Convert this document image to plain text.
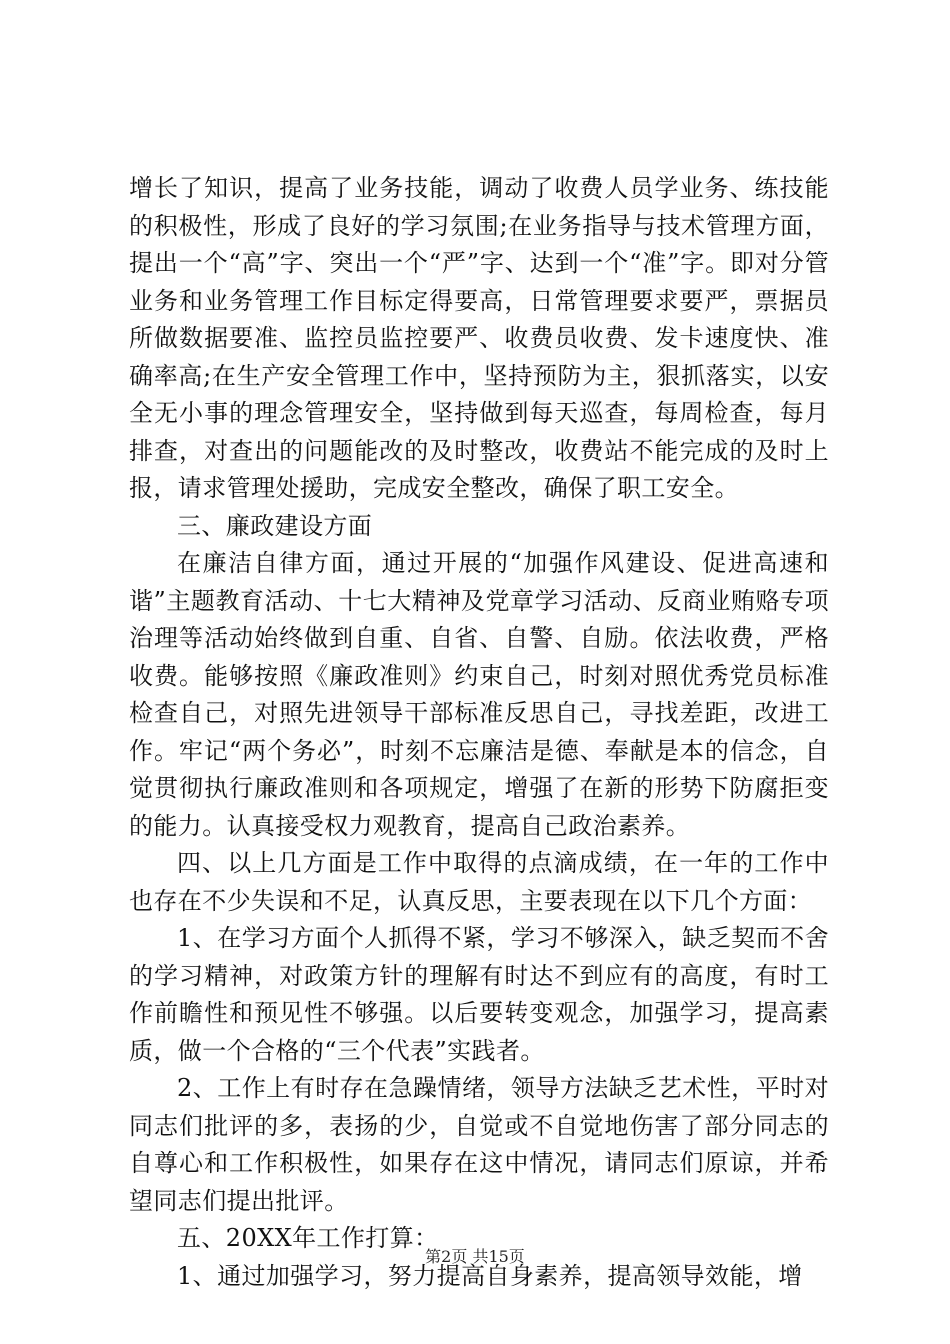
增长了知识，提高了业务技能，调动了收费人员学业务、练技能的积极性，形成了良好的学习氛围;在业务指导与技术管理方面，提出一个“高”字、突出一个“严”字、达到一个“准”字。即对分管业务和业务管理工作目标定得要高，日常管理要求要严，票据员所做数据要准、监控员监控要严、收费员收费、发卡速度快、准确率高;在生产安全管理工作中，坚持预防为主，狠抓落实，以安全无小事的理念管理安全，坚持做到每天巡查，每周检查，每月排查，对查出的问题能改的及时整改，收费站不能完成的及时上报，请求管理处援助，完成安全整改，确保了职工安全。

三、廉政建设方面

在廉洁自律方面，通过开展的“加强作风建设、促进高速和谐”主题教育活动、十七大精神及党章学习活动、反商业贿赂专项治理等活动始终做到自重、自省、自警、自励。依法收费，严格收费。能够按照《廉政准则》约束自己，时刻对照优秀党员标准检查自己，对照先进领导干部标准反思自己，寻找差距，改进工作。牢记“两个务必”，时刻不忘廉洁是德、奉献是本的信念，自觉贯彻执行廉政准则和各项规定，增强了在新的形势下防腐拒变的能力。认真接受权力观教育，提高自己政治素养。

四、以上几方面是工作中取得的点滴成绩，在一年的工作中也存在不少失误和不足，认真反思，主要表现在以下几个方面：

1、在学习方面个人抓得不紧，学习不够深入，缺乏契而不舍的学习精神，对政策方针的理解有时达不到应有的高度，有时工作前瞻性和预见性不够强。以后要转变观念，加强学习，提高素质，做一个合格的“三个代表”实践者。

2、工作上有时存在急躁情绪，领导方法缺乏艺术性，平时对同志们批评的多，表扬的少，自觉或不自觉地伤害了部分同志的自尊心和工作积极性，如果存在这中情况，请同志们原谅，并希望同志们提出批评。

五、20XX年工作打算：

1、通过加强学习，努力提高自身素养，提高领导效能，增

第2页 共15页
